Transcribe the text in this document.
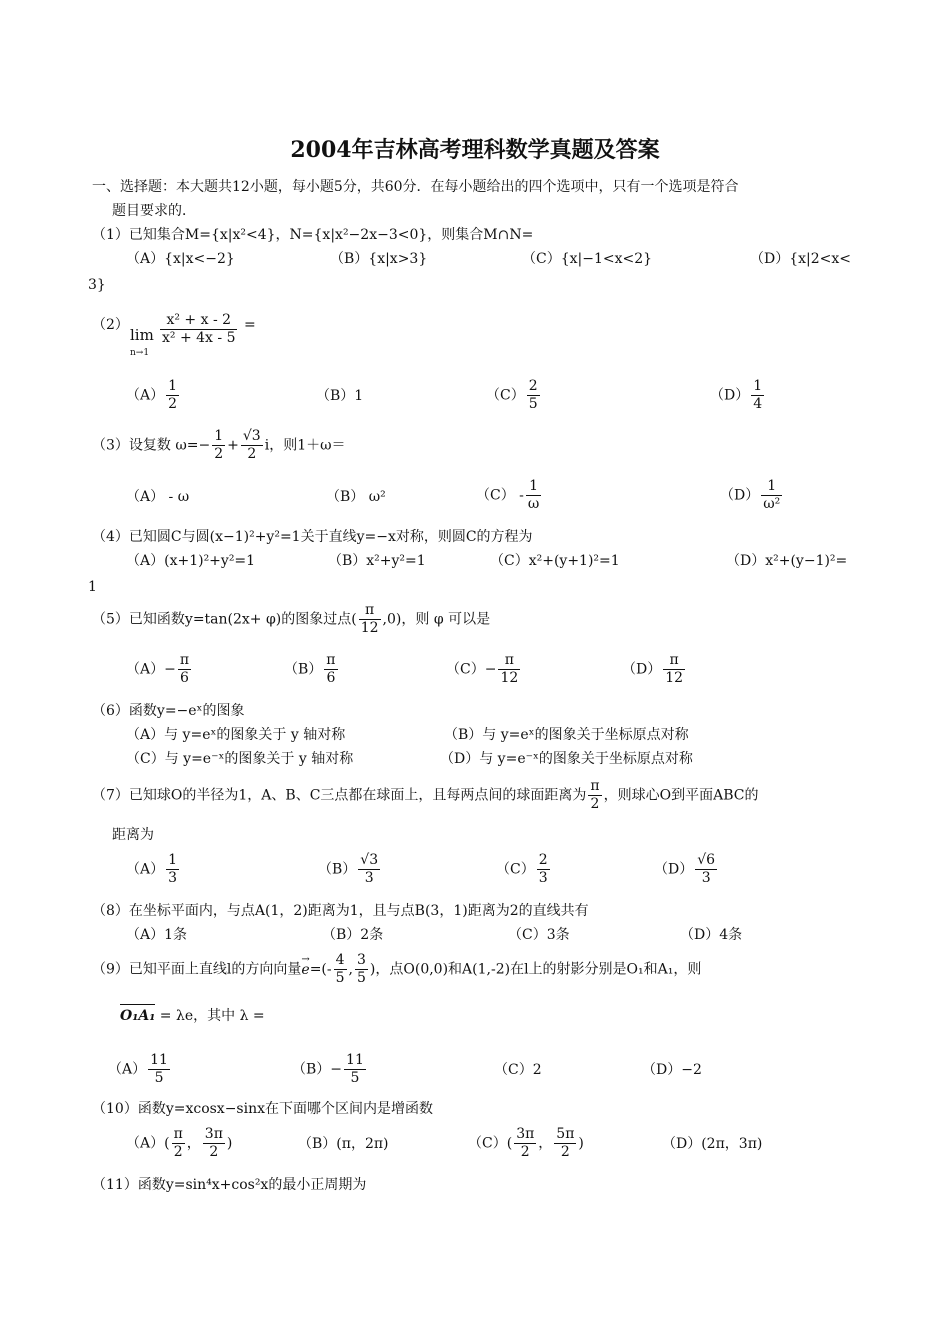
2004年吉林高考理科数学真题及答案
一、选择题：本大题共12小题，每小题5分，共60分．在每小题给出的四个选项中，只有一个选项是符合
题目要求的．
（1）已知集合M={x|x²<4}，N={x|x²−2x−3<0}，则集合M∩N=
（A）{x|x<−2}	（B）{x|x>3}	（C）{x|−1<x<2}	（D）{x|2<x<
3}
（2）
lim
n→1
$\frac{\text{x² + x - 2}}{\text{x² + 4x - 5}}$ =
$(A) \frac{1}{2}$	（B）1	$(C) \frac{2}{5}$	$(D) \frac{1}{4}$
（3）设复数 $\omega=- \frac{1}{2} + \frac{√3}{2}$ i，则1＋ω＝
（A） - ω	（B） ω²	$(C) - \frac{1}{\omega}$	$(D) \frac{1}{\text{ω²}}$
（4）已知圆C与圆(x−1)²+y²=1关于直线y=−x对称，则圆C的方程为
（A）(x+1)²+y²=1	（B）x²+y²=1	（C）x²+(y+1)²=1	（D）x²+(y−1)²=
1
（5）已知函数y=tan(2x+ φ)的图象过点( $\frac{\pi}{12} ,0$)，则 φ 可以是
$(A)- \frac{\pi}{6}$	$(B) \frac{\pi}{6}$	$(C)- \frac{\pi}{12}$	$(D) \frac{\pi}{12}$
（6）函数y=−eˣ的图象
（A）与 y=eˣ的图象关于 y 轴对称	（B）与 y=eˣ的图象关于坐标原点对称
（C）与 y=e⁻ˣ的图象关于 y 轴对称	（D）与 y=e⁻ˣ的图象关于坐标原点对称
（7）已知球O的半径为1，A、B、C三点都在球面上，且每两点间的球面距离为 $\frac{\pi}{2}$ ，则球心O到平面ABC的
距离为
$(A) \frac{1}{3}$	$(B) \frac{√3}{3}$	$(C) \frac{2}{3}$	$(D) \frac{√6}{3}$
（8）在坐标平面内，与点A(1，2)距离为1，且与点B(3，1)距离为2的直线共有
（A）1条	（B）2条	（C）3条	（D）4条
（9）已知平面上直线l的方向向量
→
$e=(- \frac{4}{5}$ , $\frac{3}{5}$ )，点O(0,0)和A(1,-2)在l上的射影分别是O₁和A₁，则
O₁A₁ = λe，其中 λ =
$(A) \frac{11}{5}$	$(B)- \frac{11}{5}$	（C）2	（D）−2
（10）函数y=xcosx−sinx在下面哪个区间内是增函数
$(A)( \frac{\pi}{2}$ ， $\frac{3\pi}{2}$ )	（B）(π，2π)	$(C)( \frac{3\pi}{2}$ ， $\frac{5\pi}{2}$ )	（D）(2π，3π)
（11）函数y=sin⁴x+cos²x的最小正周期为
